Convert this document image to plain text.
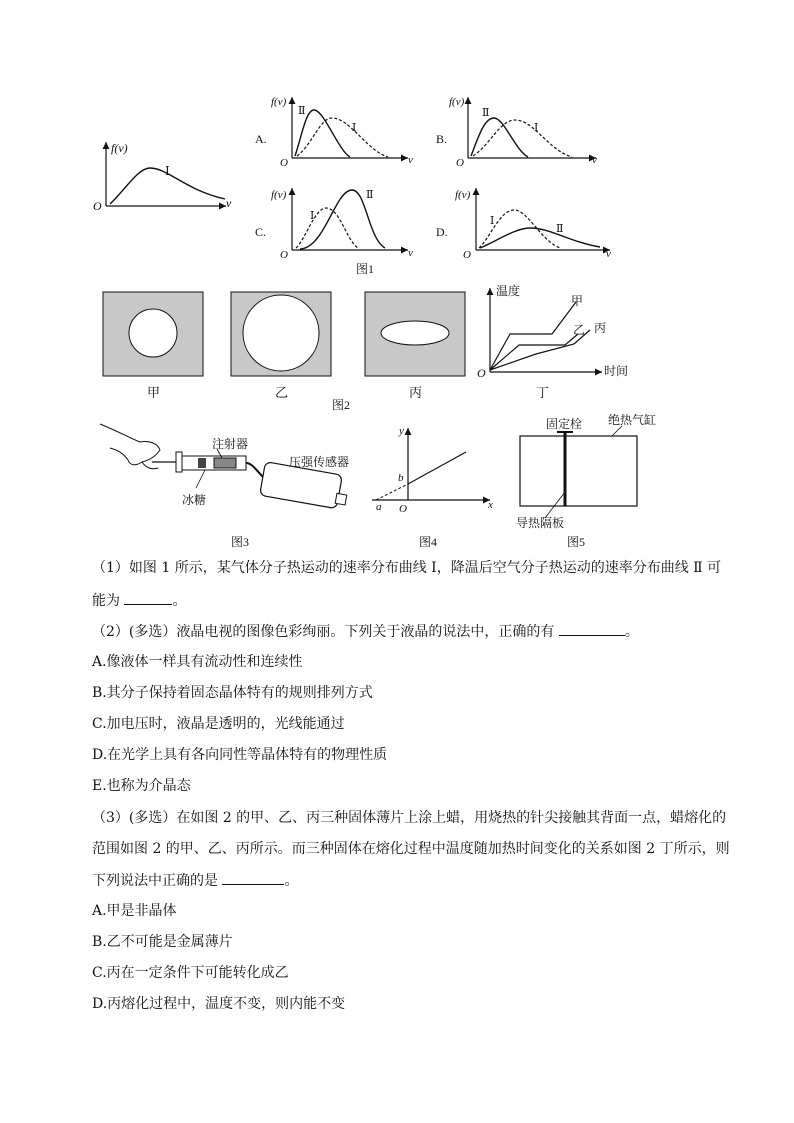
f(v)
v
O
Ⅰ
A.
f(v)
v
O
Ⅱ
Ⅰ
B.
f(v)
v
O
Ⅱ
Ⅰ
C.
f(v)
v
O
Ⅰ
Ⅱ
D.
f(v)
v
O
Ⅰ
Ⅱ
图1
甲	乙	丙
温度
时间
O
甲
乙 丙
丁
图2
注射器
压强传感器
冰糖
图3
y
x
b
a O
图4
固定栓 绝热气缸
导热隔板
图5
（1）如图 1 所示，某气体分子热运动的速率分布曲线 Ⅰ，降温后空气分子热运动的速率分布曲线 Ⅱ 可
能为	。
（2）(多选）液晶电视的图像色彩绚丽。下列关于液晶的说法中，正确的有	。
A.像液体一样具有流动性和连续性
B.其分子保持着固态晶体特有的规则排列方式
C.加电压时，液晶是透明的，光线能通过
D.在光学上具有各向同性等晶体特有的物理性质
E.也称为介晶态
（3）(多选）在如图 2 的甲、乙、丙三种固体薄片上涂上蜡，用烧热的针尖接触其背面一点，蜡熔化的
范围如图 2 的甲、乙、丙所示。而三种固体在熔化过程中温度随加热时间变化的关系如图 2 丁所示，则
下列说法中正确的是	。
A.甲是非晶体
B.乙不可能是金属薄片
C.丙在一定条件下可能转化成乙
D.丙熔化过程中，温度不变，则内能不变
